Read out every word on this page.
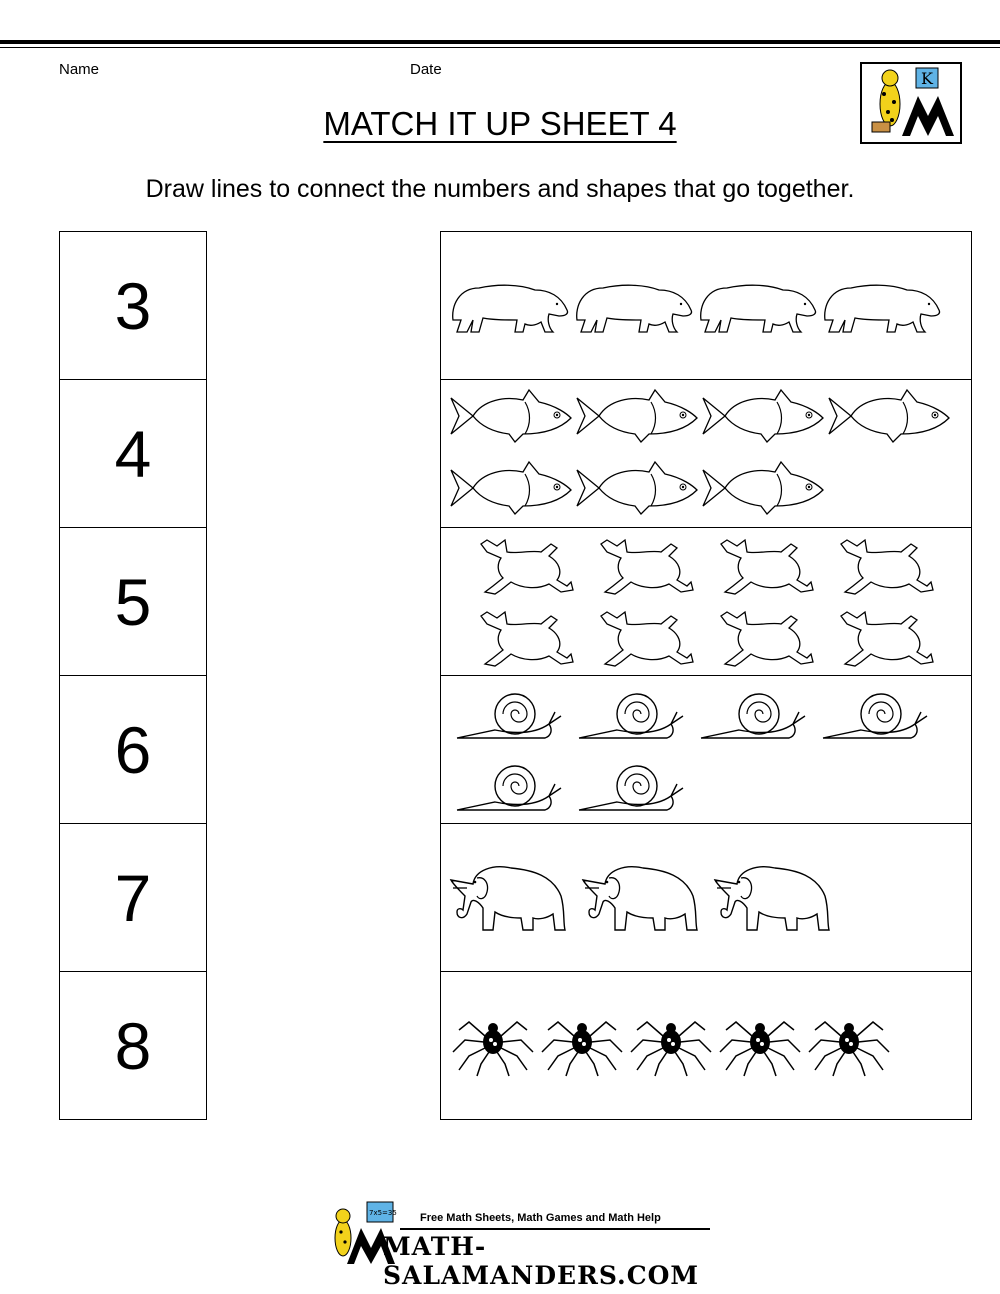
Name	Date	K
MATCH IT UP SHEET 4
Draw lines to connect the numbers and shapes that go together.
3
4
5
6
7
8
7x5=35 Free Math Sheets, Math Games and Math Help
MATH-SALAMANDERS.COM
